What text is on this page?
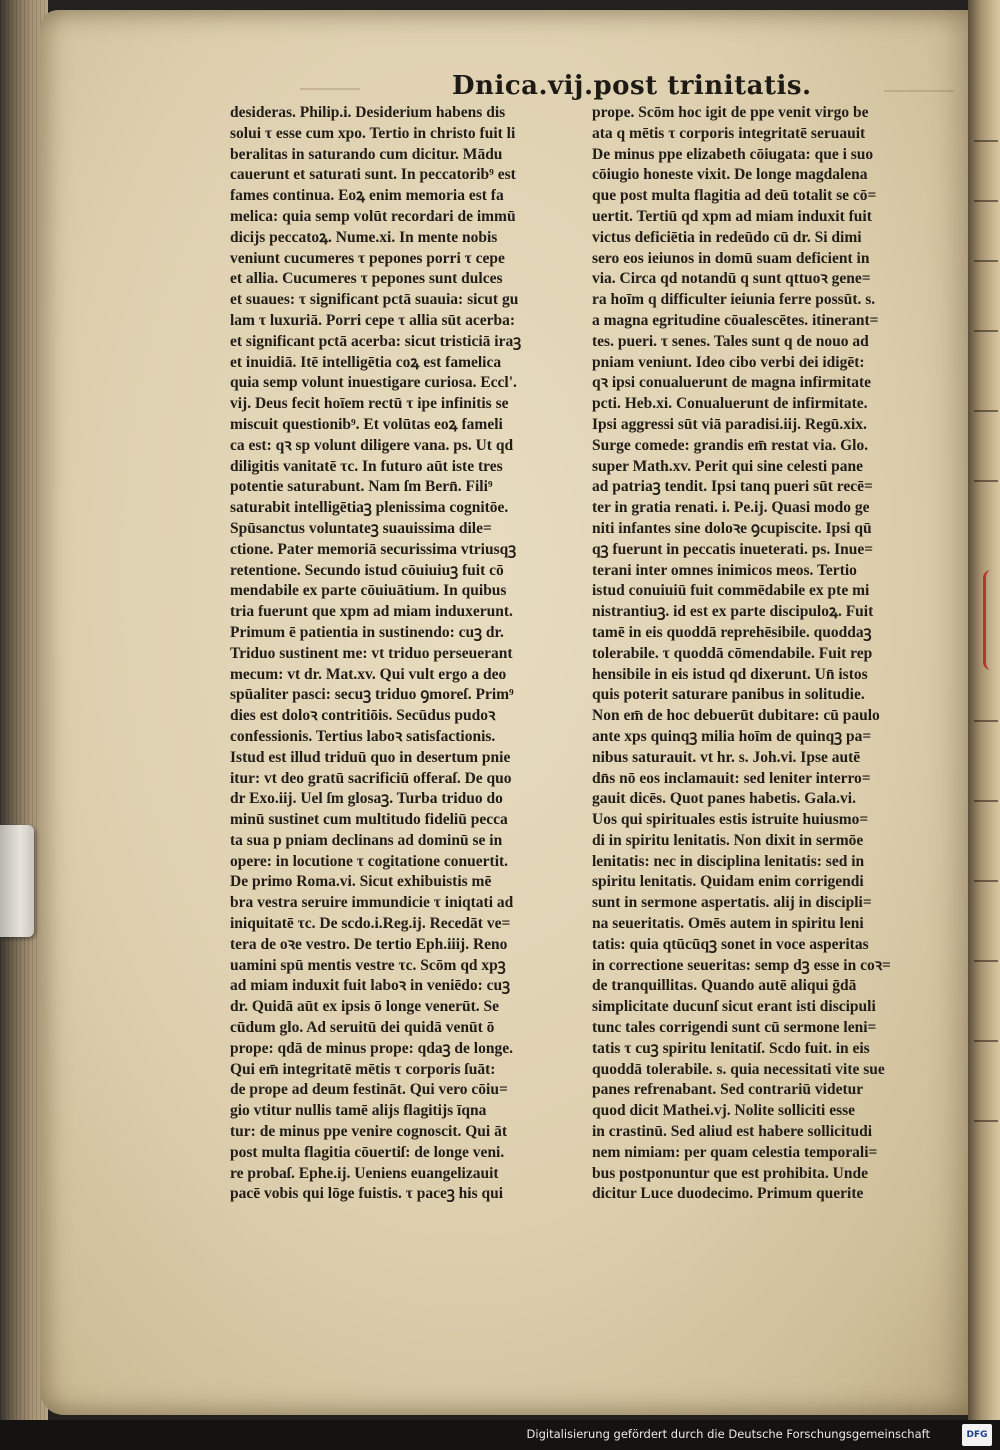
Dnica.vij.post trinitatis.
desideras. Philip.i. Desiderium habens dis
solui τ esse cum xpo. Tertio in christo fuit li
beralitas in saturando cum dicitur. Mādu
cauerunt et saturati sunt. In peccatorib⁹ est
fames continua. Eoꝝ enim memoria est fa
melica: quia semp volūt recordari de immū
dicijs peccatoꝝ. Nume.xi. In mente nobis
veniunt cucumeres τ pepones porri τ cepe
et allia. Cucumeres τ pepones sunt dulces
et suaues: τ significant pctā suauia: sicut gu
lam τ luxuriā. Porri cepe τ allia sūt acerba:
et significant pctā acerba: sicut tristiciā iraꝫ
et inuidiā. Itē intelligētia coꝝ est famelica
quia semp volunt inuestigare curiosa. Eccl'.
vij. Deus fecit hoīem rectū τ ipe infinitis se
miscuit questionib⁹. Et volūtas eoꝝ fameli
ca est: qꝛ sp volunt diligere vana. ps. Ut qd
diligitis vanitatē τc. In futuro aūt iste tres
potentie saturabunt. Nam ſm Bern̄. Fili⁹
saturabit intelligētiaꝫ plenissima cognitōe.
Spūsanctus voluntateꝫ suauissima dile=
ctione. Pater memoriā securissima vtriusqꝫ
retentione. Secundo istud cōuiuiuꝫ fuit cō
mendabile ex parte cōuiuātium. In quibus
tria fuerunt que xpm ad miam induxerunt.
Primum ē patientia in sustinendo: cuꝫ dr.
Triduo sustinent me: vt triduo perseuerant
mecum: vt dr. Mat.xv. Qui vult ergo a deo
spūaliter pasci: secuꝫ triduo ꝯmoreſ. Prim⁹
dies est doloꝛ contritiōis. Secūdus pudoꝛ
confessionis. Tertius laboꝛ satisfactionis.
Istud est illud triduū quo in desertum pnie
itur: vt deo gratū sacrificiū offeraſ. De quo
dr Exo.iij. Uel ſm glosaꝫ. Turba triduo do
minū sustinet cum multitudo fideliū pecca
ta sua p pniam declinans ad dominū se in
opere: in locutione τ cogitatione conuertit.
De primo Roma.vi. Sicut exhibuistis mē
bra vestra seruire immundicie τ iniqtati ad
iniquitatē τc. De scdo.i.Reg.ij. Recedāt ve=
tera de oꝛe vestro. De tertio Eph.iiij. Reno
uamini spū mentis vestre τc. Scōm qd xpꝫ
ad miam induxit fuit laboꝛ in veniēdo: cuꝫ
dr. Quidā aūt ex ipsis ō longe venerūt. Se
cūdum glo. Ad seruitū dei quidā venūt ō
prope: qdā de minus prope: qdaꝫ de longe.
Qui em̄ integritatē mētis τ corporis ſuāt:
de prope ad deum festināt. Qui vero cōiu=
gio vtitur nullis tamē alijs flagitijs īqna
tur: de minus ppe venire cognoscit. Qui āt
post multa flagitia cōuertiſ: de longe veni.
re probaſ. Ephe.ij. Ueniens euangelizauit
pacē vobis qui lōge fuistis. τ paceꝫ his qui
prope. Scōm hoc igit de ppe venit virgo be
ata q mētis τ corporis integritatē seruauit
De minus ppe elizabeth cōiugata: que i suo
cōiugio honeste vixit. De longe magdalena
que post multa flagitia ad deū totalit se cō=
uertit. Tertiū qd xpm ad miam induxit fuit
victus deficiētia in redeūdo cū dr. Si dimi
sero eos ieiunos in domū suam deficient in
via. Circa qd notandū q sunt qttuoꝛ gene=
ra hoīm q difficulter ieiunia ferre possūt. s.
a magna egritudine cōualescētes. itinerant=
tes. pueri. τ senes. Tales sunt q de nouo ad
pniam veniunt. Ideo cibo verbi dei idigēt:
qꝛ ipsi conualuerunt de magna infirmitate
pcti. Heb.xi. Conualuerunt de infirmitate.
Ipsi aggressi sūt viā paradisi.iij. Regū.xix.
Surge comede: grandis em̄ restat via. Glo.
super Math.xv. Perit qui sine celesti pane
ad patriaꝫ tendit. Ipsi tanq pueri sūt recē=
ter in gratia renati. i. Pe.ij. Quasi modo ge
niti infantes sine doloꝛe ꝯcupiscite. Ipsi qū
qꝫ fuerunt in peccatis inueterati. ps. Inue=
terani inter omnes inimicos meos. Tertio
istud conuiuiū fuit commēdabile ex pte mi
nistrantiuꝫ. id est ex parte discipuloꝝ. Fuit
tamē in eis quoddā reprehēsibile. quoddaꝫ
tolerabile. τ quoddā cōmendabile. Fuit rep
hensibile in eis istud qd dixerunt. Un̄ istos
quis poterit saturare panibus in solitudie.
Non em̄ de hoc debuerūt dubitare: cū paulo
ante xps quinqꝫ milia hoīm de quinqꝫ pa=
nibus saturauit. vt hr. s. Joh.vi. Ipse autē
dn̄s nō eos inclamauit: sed leniter interro=
gauit dicēs. Quot panes habetis. Gala.vi.
Uos qui spirituales estis istruite huiusmo=
di in spiritu lenitatis. Non dixit in sermōe
lenitatis: nec in disciplina lenitatis: sed in
spiritu lenitatis. Quidam enim corrigendi
sunt in sermone aspertatis. alij in discipli=
na seueritatis. Omēs autem in spiritu leni
tatis: quia qtūcūqꝫ sonet in voce asperitas
in correctione seueritas: semp dꝫ esse in coꝛ=
de tranquillitas. Quando autē aliqui ḡdā
simplicitate ducunſ sicut erant isti discipuli
tunc tales corrigendi sunt cū sermone leni=
tatis τ cuꝫ spiritu lenitatiſ. Scdo fuit. in eis
quoddā tolerabile. s. quia necessitati vite sue
panes refrenabant. Sed contrariū videtur
quod dicit Mathei.vj. Nolite solliciti esse
in crastinū. Sed aliud est habere sollicitudi
nem nimiam: per quam celestia temporali=
bus postponuntur que est prohibita. Unde
dicitur Luce duodecimo. Primum querite
Digitalisierung gefördert durch die Deutsche Forschungsgemeinschaft	DFG
